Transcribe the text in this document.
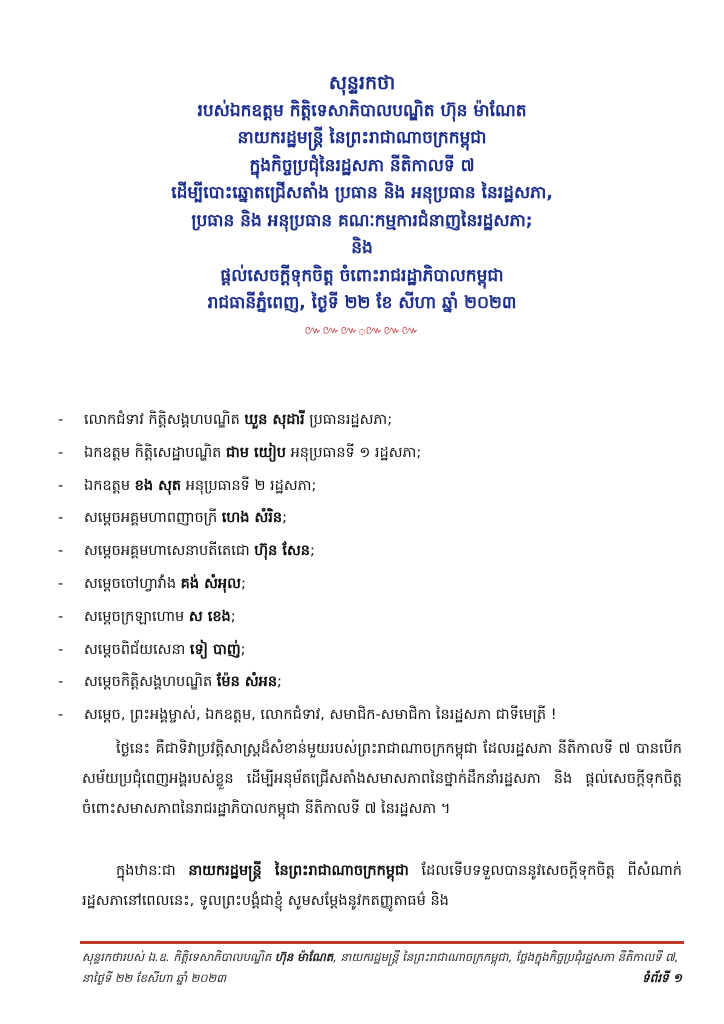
សុន្ទរកថា
របស់ឯកឧត្ដម កិត្តិទេសាភិបាលបណ្ឌិត ហ៊ុន ម៉ាណែត
នាយករដ្ឋមន្ត្រី នៃព្រះរាជាណាចក្រកម្ពុជា
ក្នុងកិច្ចប្រជុំនៃរដ្ឋសភា នីតិកាលទី ៧
ដើម្បីបោះឆ្នោតជ្រើសតាំង ប្រធាន និង អនុប្រធាន នៃរដ្ឋសភា,
ប្រធាន និង អនុប្រធាន គណៈកម្មការជំនាញនៃរដ្ឋសភា;
និង
ផ្ដល់សេចក្ដីទុកចិត្ត ចំពោះរាជរដ្ឋាភិបាលកម្ពុជា
រាជធានីភ្នំពេញ, ថ្ងៃទី ២២ ខែ សីហា ឆ្នាំ ២០២៣
៚៚៚۞៚៚៚
- លោកជំទាវ កិត្តិសង្គហបណ្ឌិត ឃួន សុដារី ប្រធានរដ្ឋសភា;
- ឯកឧត្តម កិត្តិសេដ្ឋាបណ្ឌិត ជាម យៀប អនុប្រធានទី ១ រដ្ឋសភា;
- ឯកឧត្តម ខង សុត អនុប្រធានទី ២ រដ្ឋសភា;
- សម្ដេចអគ្គមហាពញាចក្រី ហេង សំរិន;
- សម្ដេចអគ្គមហាសេនាបតីតេជោ ហ៊ុន សែន;
- សម្ដេចចៅហ្វាវាំង គង់ សំអុល;
- សម្ដេចក្រឡាហោម ស ខេង;
- សម្ដេចពិជ័យសេនា ទៀ បាញ់;
- សម្ដេចកិត្តិសង្គហបណ្ឌិត ម៉ែន សំអន;
- សម្ដេច, ព្រះអង្គម្ចាស់, ឯកឧត្តម, លោកជំទាវ, សមាជិក-សមាជិកា នៃរដ្ឋសភា ជាទីមេត្រី !

ថ្ងៃនេះ គឺជាទិវាប្រវត្តិសាស្ត្រដ៏សំខាន់មួយរបស់ព្រះរាជាណាចក្រកម្ពុជា ដែលរដ្ឋសភា នីតិកាលទី ៧ បានបើកសម័យប្រជុំពេញអង្គរបស់ខ្លួន ដើម្បីអនុម័តជ្រើសតាំងសមាសភាពនៃថ្នាក់ដឹកនាំរដ្ឋសភា និង ផ្ដល់សេចក្ដីទុកចិត្តចំពោះសមាសភាពនៃរាជរដ្ឋាភិបាលកម្ពុជា នីតិកាលទី ៧ នៃរដ្ឋសភា ។

ក្នុងឋានៈជា នាយករដ្ឋមន្ត្រី នៃព្រះរាជាណាចក្រកម្ពុជា ដែលទើបទទួលបាននូវសេចក្ដីទុកចិត្ត ពីសំណាក់រដ្ឋសភានៅពេលនេះ, ទូលព្រះបង្គំជាខ្ញុំ សូមសម្ដែងនូវកតញ្ញូតាធម៌ និង

សុន្ទរកថារបស់ ឯ.ឧ. កិត្តិទេសាភិបាលបណ្ឌិត ហ៊ុន ម៉ាណែត, នាយករដ្ឋមន្ត្រី នៃព្រះរាជាណាចក្រកម្ពុជា, ថ្លែងក្នុងកិច្ចប្រជុំរដ្ឋសភា នីតិកាលទី ៧, នាថ្ងៃទី ២២ ខែសីហា ឆ្នាំ ២០២៣	ទំព័រទី ១
